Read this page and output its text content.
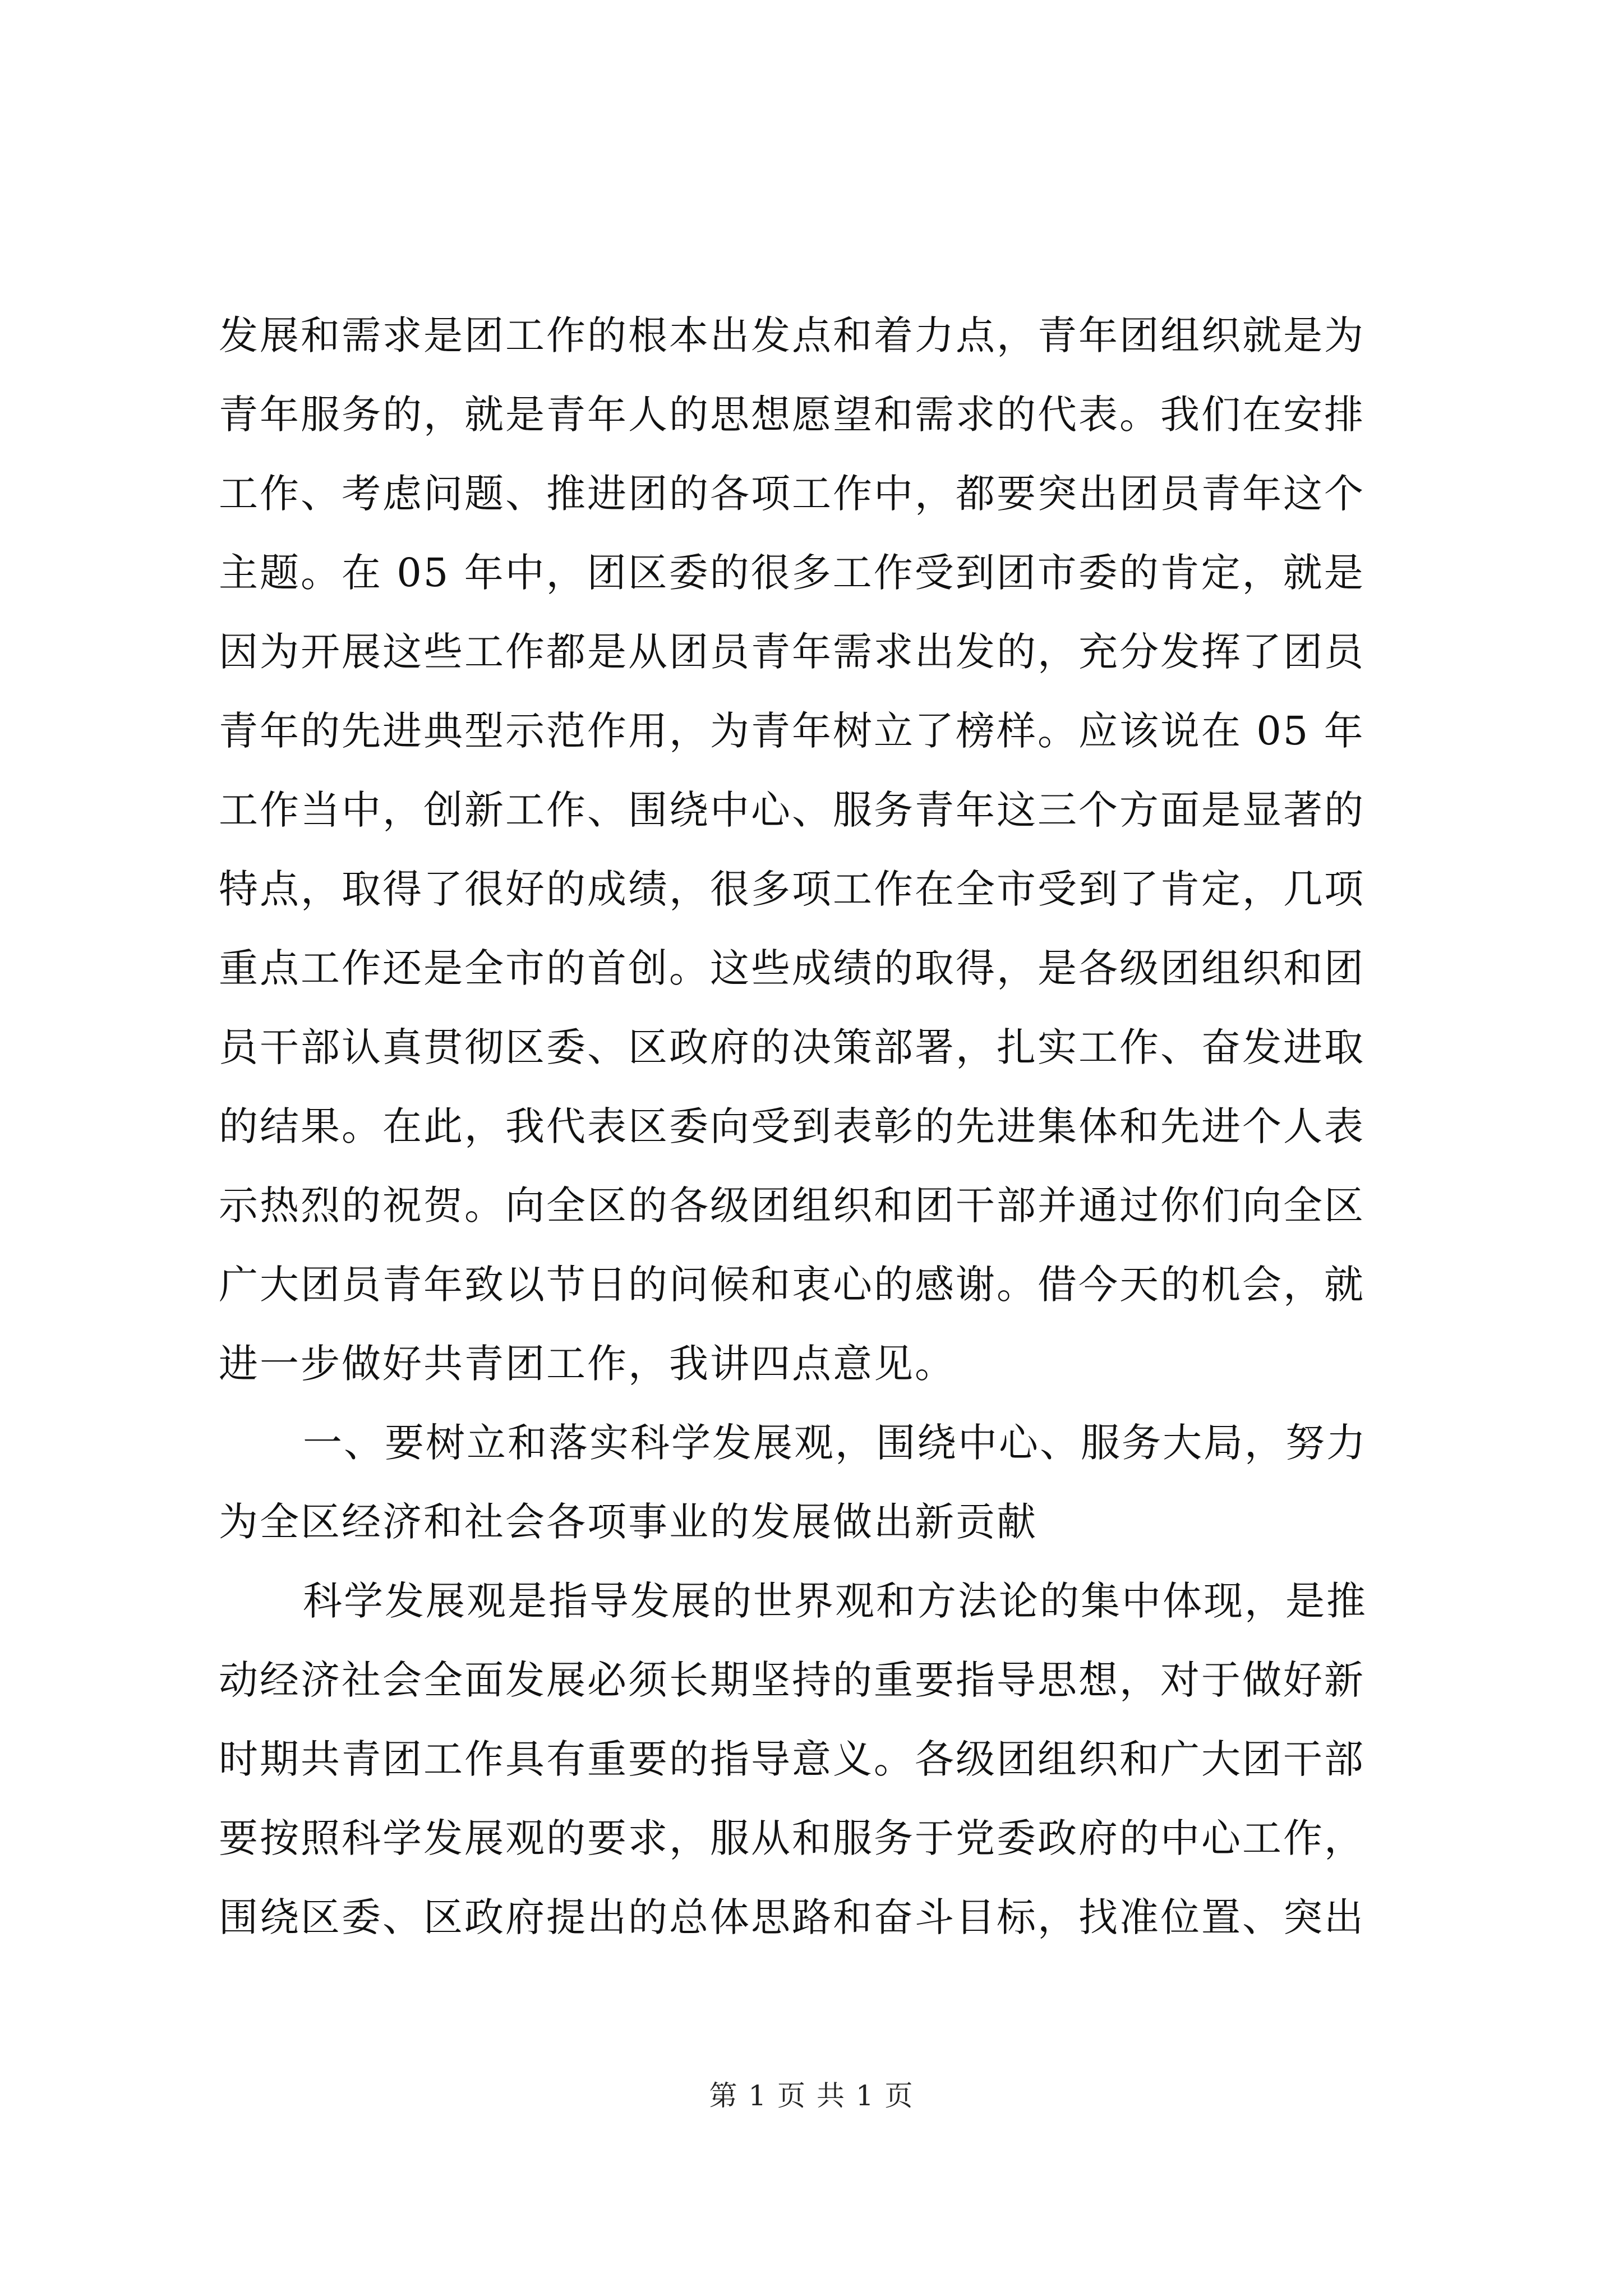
发展和需求是团工作的根本出发点和着力点，青年团组织就是为
青年服务的，就是青年人的思想愿望和需求的代表。我们在安排
工作、考虑问题、推进团的各项工作中，都要突出团员青年这个
主题。在 05 年中，团区委的很多工作受到团市委的肯定，就是
因为开展这些工作都是从团员青年需求出发的，充分发挥了团员
青年的先进典型示范作用，为青年树立了榜样。应该说在 05 年
工作当中，创新工作、围绕中心、服务青年这三个方面是显著的
特点，取得了很好的成绩，很多项工作在全市受到了肯定，几项
重点工作还是全市的首创。这些成绩的取得，是各级团组织和团
员干部认真贯彻区委、区政府的决策部署，扎实工作、奋发进取
的结果。在此，我代表区委向受到表彰的先进集体和先进个人表
示热烈的祝贺。向全区的各级团组织和团干部并通过你们向全区
广大团员青年致以节日的问候和衷心的感谢。借今天的机会，就
进一步做好共青团工作，我讲四点意见。
一、要树立和落实科学发展观，围绕中心、服务大局，努力
为全区经济和社会各项事业的发展做出新贡献
科学发展观是指导发展的世界观和方法论的集中体现，是推
动经济社会全面发展必须长期坚持的重要指导思想，对于做好新
时期共青团工作具有重要的指导意义。各级团组织和广大团干部
要按照科学发展观的要求，服从和服务于党委政府的中心工作，
围绕区委、区政府提出的总体思路和奋斗目标，找准位置、突出
第 1 页 共 1 页
